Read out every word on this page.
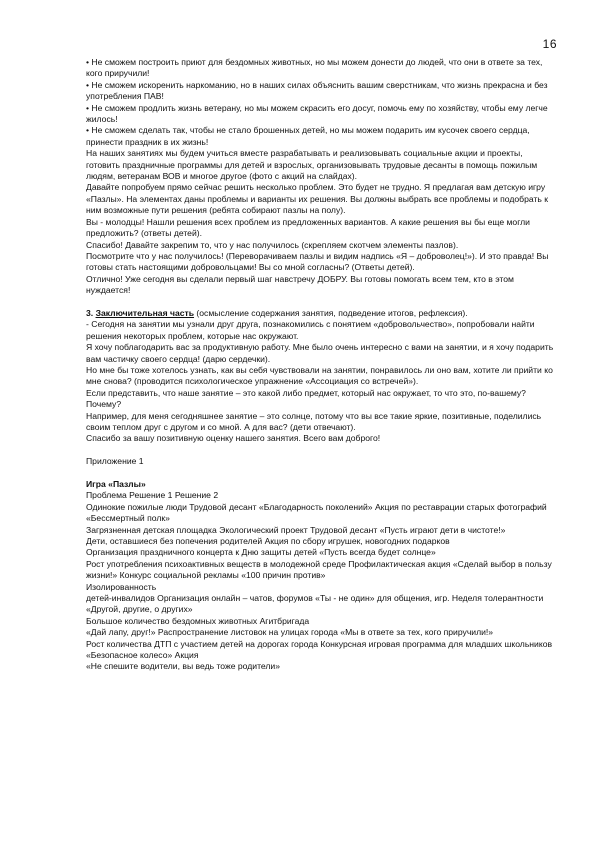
16

• Не сможем построить приют для бездомных животных, но мы можем донести до людей, что они в ответе за тех, кого приручили!

• Не сможем искоренить наркоманию, но в наших силах объяснить вашим сверстникам, что жизнь прекрасна и без употребления ПАВ!

• Не сможем продлить жизнь ветерану, но мы можем скрасить его досуг, помочь ему по хозяйству, чтобы ему легче жилось!

• Не сможем сделать так, чтобы не стало брошенных детей, но мы можем подарить им кусочек своего сердца, принести праздник в их жизнь!

На наших занятиях мы будем учиться вместе разрабатывать и реализовывать социальные акции и проекты, готовить праздничные программы для детей и взрослых, организовывать трудовые десанты в помощь пожилым людям, ветеранам ВОВ и многое другое (фото с акций на слайдах).

Давайте попробуем прямо сейчас решить несколько проблем. Это будет не трудно. Я предлагая вам детскую игру «Пазлы». На элементах даны проблемы и варианты их решения. Вы должны выбрать все проблемы и подобрать к ним возможные пути решения (ребята собирают пазлы на полу).

Вы - молодцы! Нашли решения всех проблем из предложенных вариантов. А какие решения вы бы еще могли предложить? (ответы детей).

Спасибо! Давайте закрепим то, что у нас получилось (скрепляем скотчем элементы пазлов).

Посмотрите что у нас получилось! (Переворачиваем пазлы и видим надпись «Я – доброволец!»). И это правда! Вы готовы стать настоящими добровольцами! Вы со мной согласны? (Ответы детей).

Отлично! Уже сегодня вы сделали первый шаг навстречу ДОБРУ. Вы готовы помогать всем тем, кто в этом нуждается!

3. Заключительная часть (осмысление содержания занятия, подведение итогов, рефлексия).

- Сегодня на занятии мы узнали друг друга, познакомились с понятием «добровольчество», попробовали найти решения некоторых проблем, которые нас окружают.

Я хочу поблагодарить вас за продуктивную работу. Мне было очень интересно с вами на занятии, и я хочу подарить вам частичку своего сердца! (дарю сердечки).

Но мне бы тоже хотелось узнать, как вы себя чувствовали на занятии, понравилось ли оно вам, хотите ли прийти ко мне снова? (проводится психологическое упражнение «Ассоциация со встречей»).

Если представить, что наше занятие – это какой либо предмет, который нас окружает, то что это, по-вашему? Почему?

Например, для меня сегодняшнее занятие – это солнце, потому что вы все такие яркие, позитивные, поделились своим теплом друг с другом и со мной. А для вас? (дети отвечают).

Спасибо за вашу позитивную оценку нашего занятия. Всего вам доброго!

Приложение 1

Игра «Пазлы»

Проблема Решение 1 Решение 2

Одинокие пожилые люди Трудовой десант «Благодарность поколений» Акция по реставрации старых фотографий «Бессмертный полк»

Загрязненная детская площадка Экологический проект Трудовой десант «Пусть играют дети в чистоте!»

Дети, оставшиеся без попечения родителей Акция по сбору игрушек, новогодних подарков

Организация праздничного концерта к Дню защиты детей «Пусть всегда будет солнце»

Рост употребления психоактивных веществ в молодежной среде Профилактическая акция «Сделай выбор в пользу жизни!» Конкурс социальной рекламы «100 причин против»

Изолированность

детей-инвалидов Организация онлайн – чатов, форумов «Ты - не один» для общения, игр. Неделя толерантности

«Другой, другие, о других»

Большое количество бездомных животных Агитбригада

«Дай лапу, друг!» Распространение листовок на улицах города «Мы в ответе за тех, кого приручили!»

Рост количества ДТП с участием детей на дорогах города Конкурсная игровая программа для младших школьников «Безопасное колесо» Акция

«Не спешите водители, вы ведь тоже родители»
